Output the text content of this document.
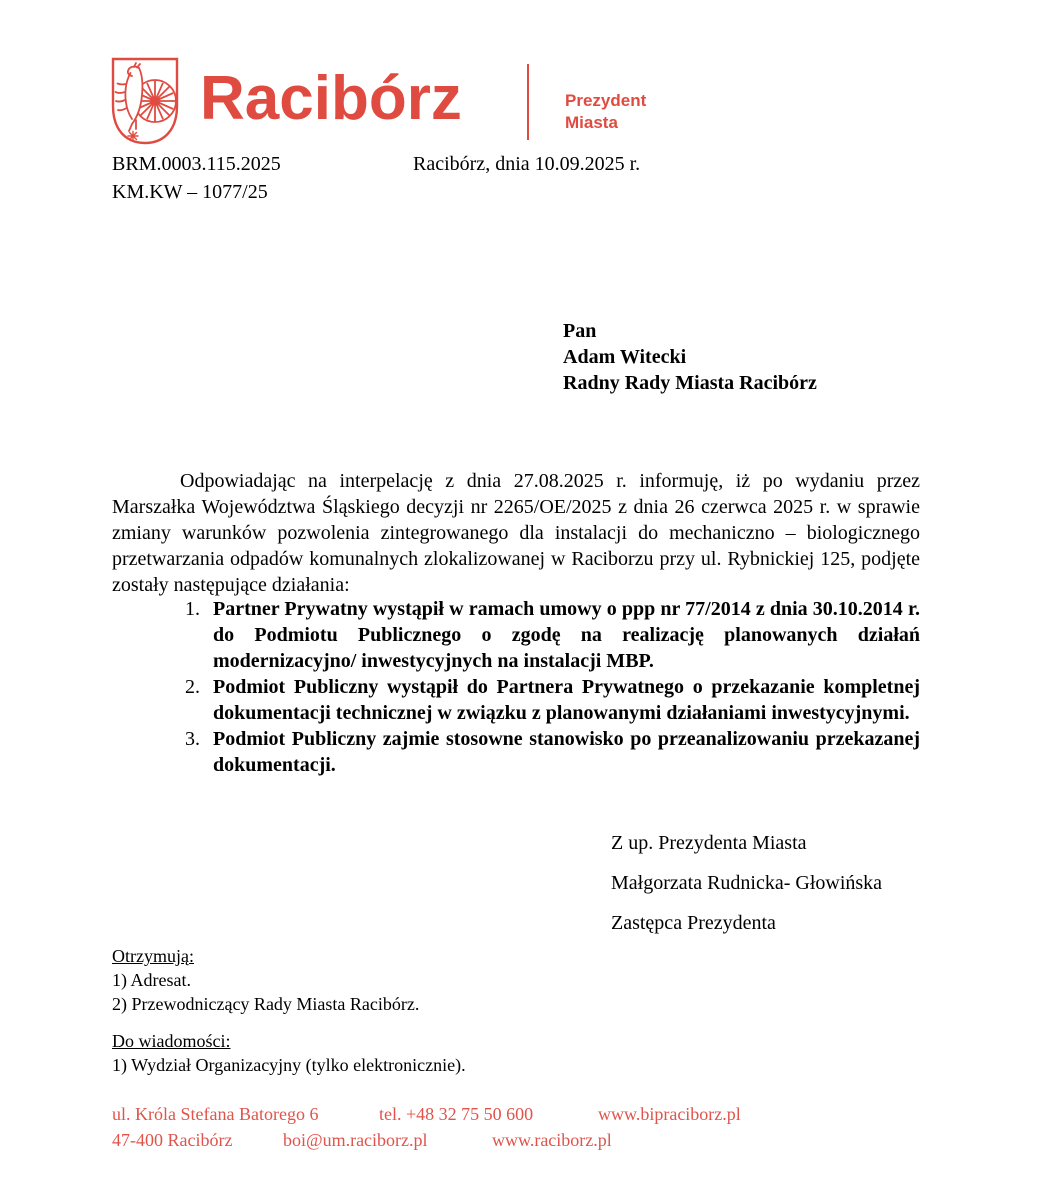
Racibórz	Prezydent
Miasta
BRM.0003.115.2025
KM.KW – 1077/25
Racibórz, dnia 10.09.2025 r.
Pan
Adam Witecki
Radny Rady Miasta Racibórz
Odpowiadając na interpelację z dnia 27.08.2025 r. informuję, iż po wydaniu przez Marszałka Województwa Śląskiego decyzji nr 2265/OE/2025 z dnia 26 czerwca 2025 r. w sprawie zmiany warunków pozwolenia zintegrowanego dla instalacji do mechaniczno – biologicznego przetwarzania odpadów komunalnych zlokalizowanej w Raciborzu przy ul. Rybnickiej 125, podjęte zostały następujące działania:
1. Partner Prywatny wystąpił w ramach umowy o ppp nr 77/2014 z dnia 30.10.2014 r. do Podmiotu Publicznego o zgodę na realizację planowanych działań modernizacyjno/ inwestycyjnych na instalacji MBP.
2. Podmiot Publiczny wystąpił do Partnera Prywatnego o przekazanie kompletnej dokumentacji technicznej w związku z planowanymi działaniami inwestycyjnymi.
3. Podmiot Publiczny zajmie stosowne stanowisko po przeanalizowaniu przekazanej dokumentacji.
Z up. Prezydenta Miasta
Małgorzata Rudnicka- Głowińska
Zastępca Prezydenta
Otrzymują:
1) Adresat.
2) Przewodniczący Rady Miasta Racibórz.
Do wiadomości:
1) Wydział Organizacyjny (tylko elektronicznie).
ul. Króla Stefana Batorego 6	tel. +48 32 75 50 600	www.bipraciborz.pl
47-400 Racibórz	boi@um.raciborz.pl	www.raciborz.pl
